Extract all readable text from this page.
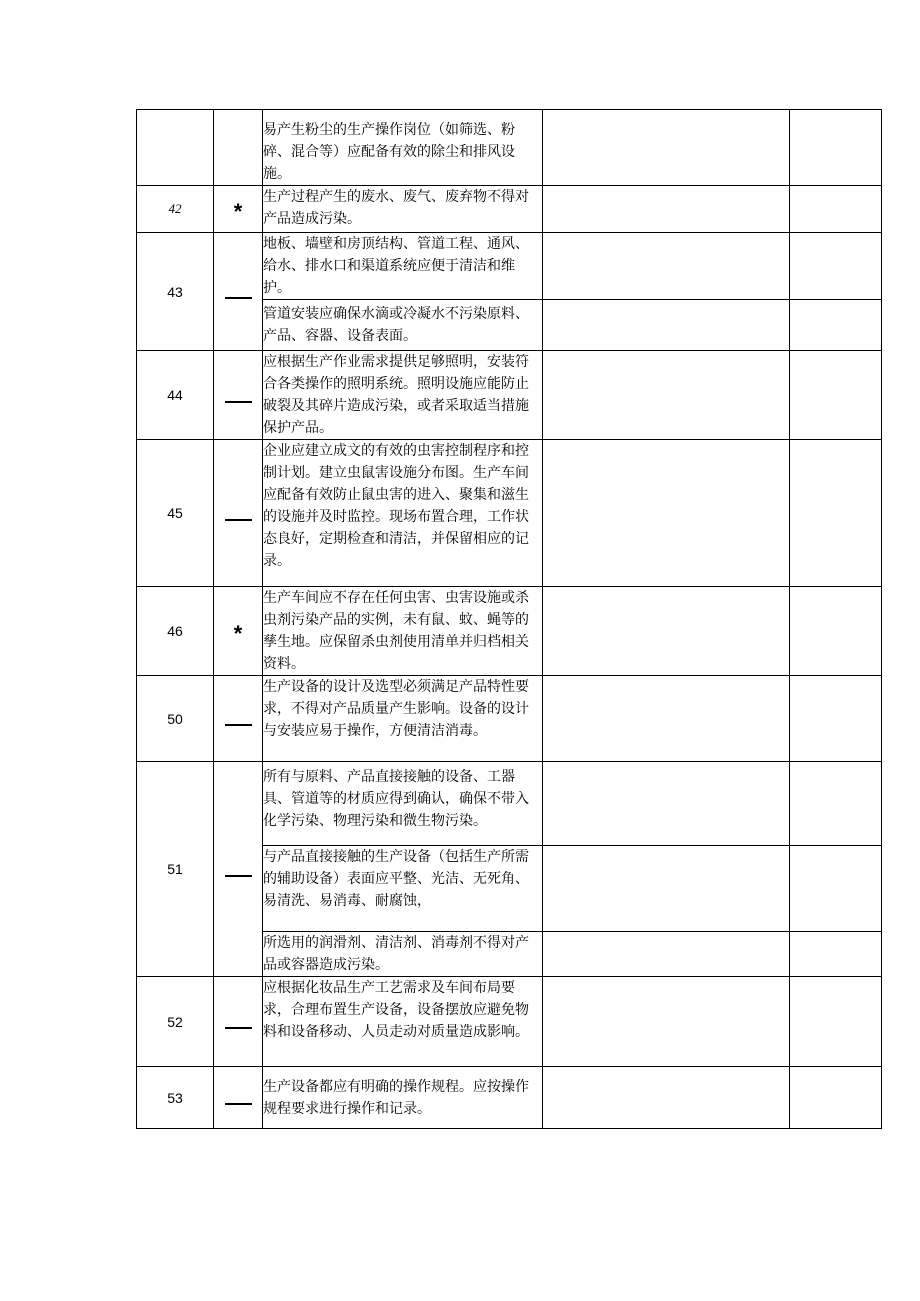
		易产生粉尘的生产操作岗位（如筛选、粉碎、混合等）应配备有效的除尘和排风设施。		

42	*	生产过程产生的废水、废气、废弃物不得对产品造成污染。		
43		地板、墙壁和房顶结构、管道工程、通风、给水、排水口和渠道系统应便于清洁和维护。		
		管道安装应确保水滴或冷凝水不污染原料、产品、容器、设备表面。		
44		应根据生产作业需求提供足够照明，安装符合各类操作的照明系统。照明设施应能防止破裂及其碎片造成污染，或者采取适当措施保护产品。		
45		企业应建立成文的有效的虫害控制程序和控制计划。建立虫鼠害设施分布图。生产车间应配备有效防止鼠虫害的进入、聚集和滋生的设施并及时监控。现场布置合理，工作状态良好，定期检查和清洁，并保留相应的记录。		
46	*	生产车间应不存在任何虫害、虫害设施或杀虫剂污染产品的实例，未有鼠、蚊、蝇等的孳生地。应保留杀虫剂使用清单并归档相关资料。		
50		生产设备的设计及选型必须满足产品特性要求，不得对产品质量产生影响。设备的设计与安装应易于操作，方便清洁消毒。		
51		所有与原料、产品直接接触的设备、工器具、管道等的材质应得到确认，确保不带入化学污染、物理污染和微生物污染。		

		与产品直接接触的生产设备（包括生产所需的辅助设备）表面应平整、光洁、无死角、易清洗、易消毒、耐腐蚀，		
		所选用的润滑剂、清洁剂、消毒剂不得对产品或容器造成污染。		
52		应根据化妆品生产工艺需求及车间布局要求，合理布置生产设备，设备摆放应避免物料和设备移动、人员走动对质量造成影响。		
53		生产设备都应有明确的操作规程。应按操作规程要求进行操作和记录。		
